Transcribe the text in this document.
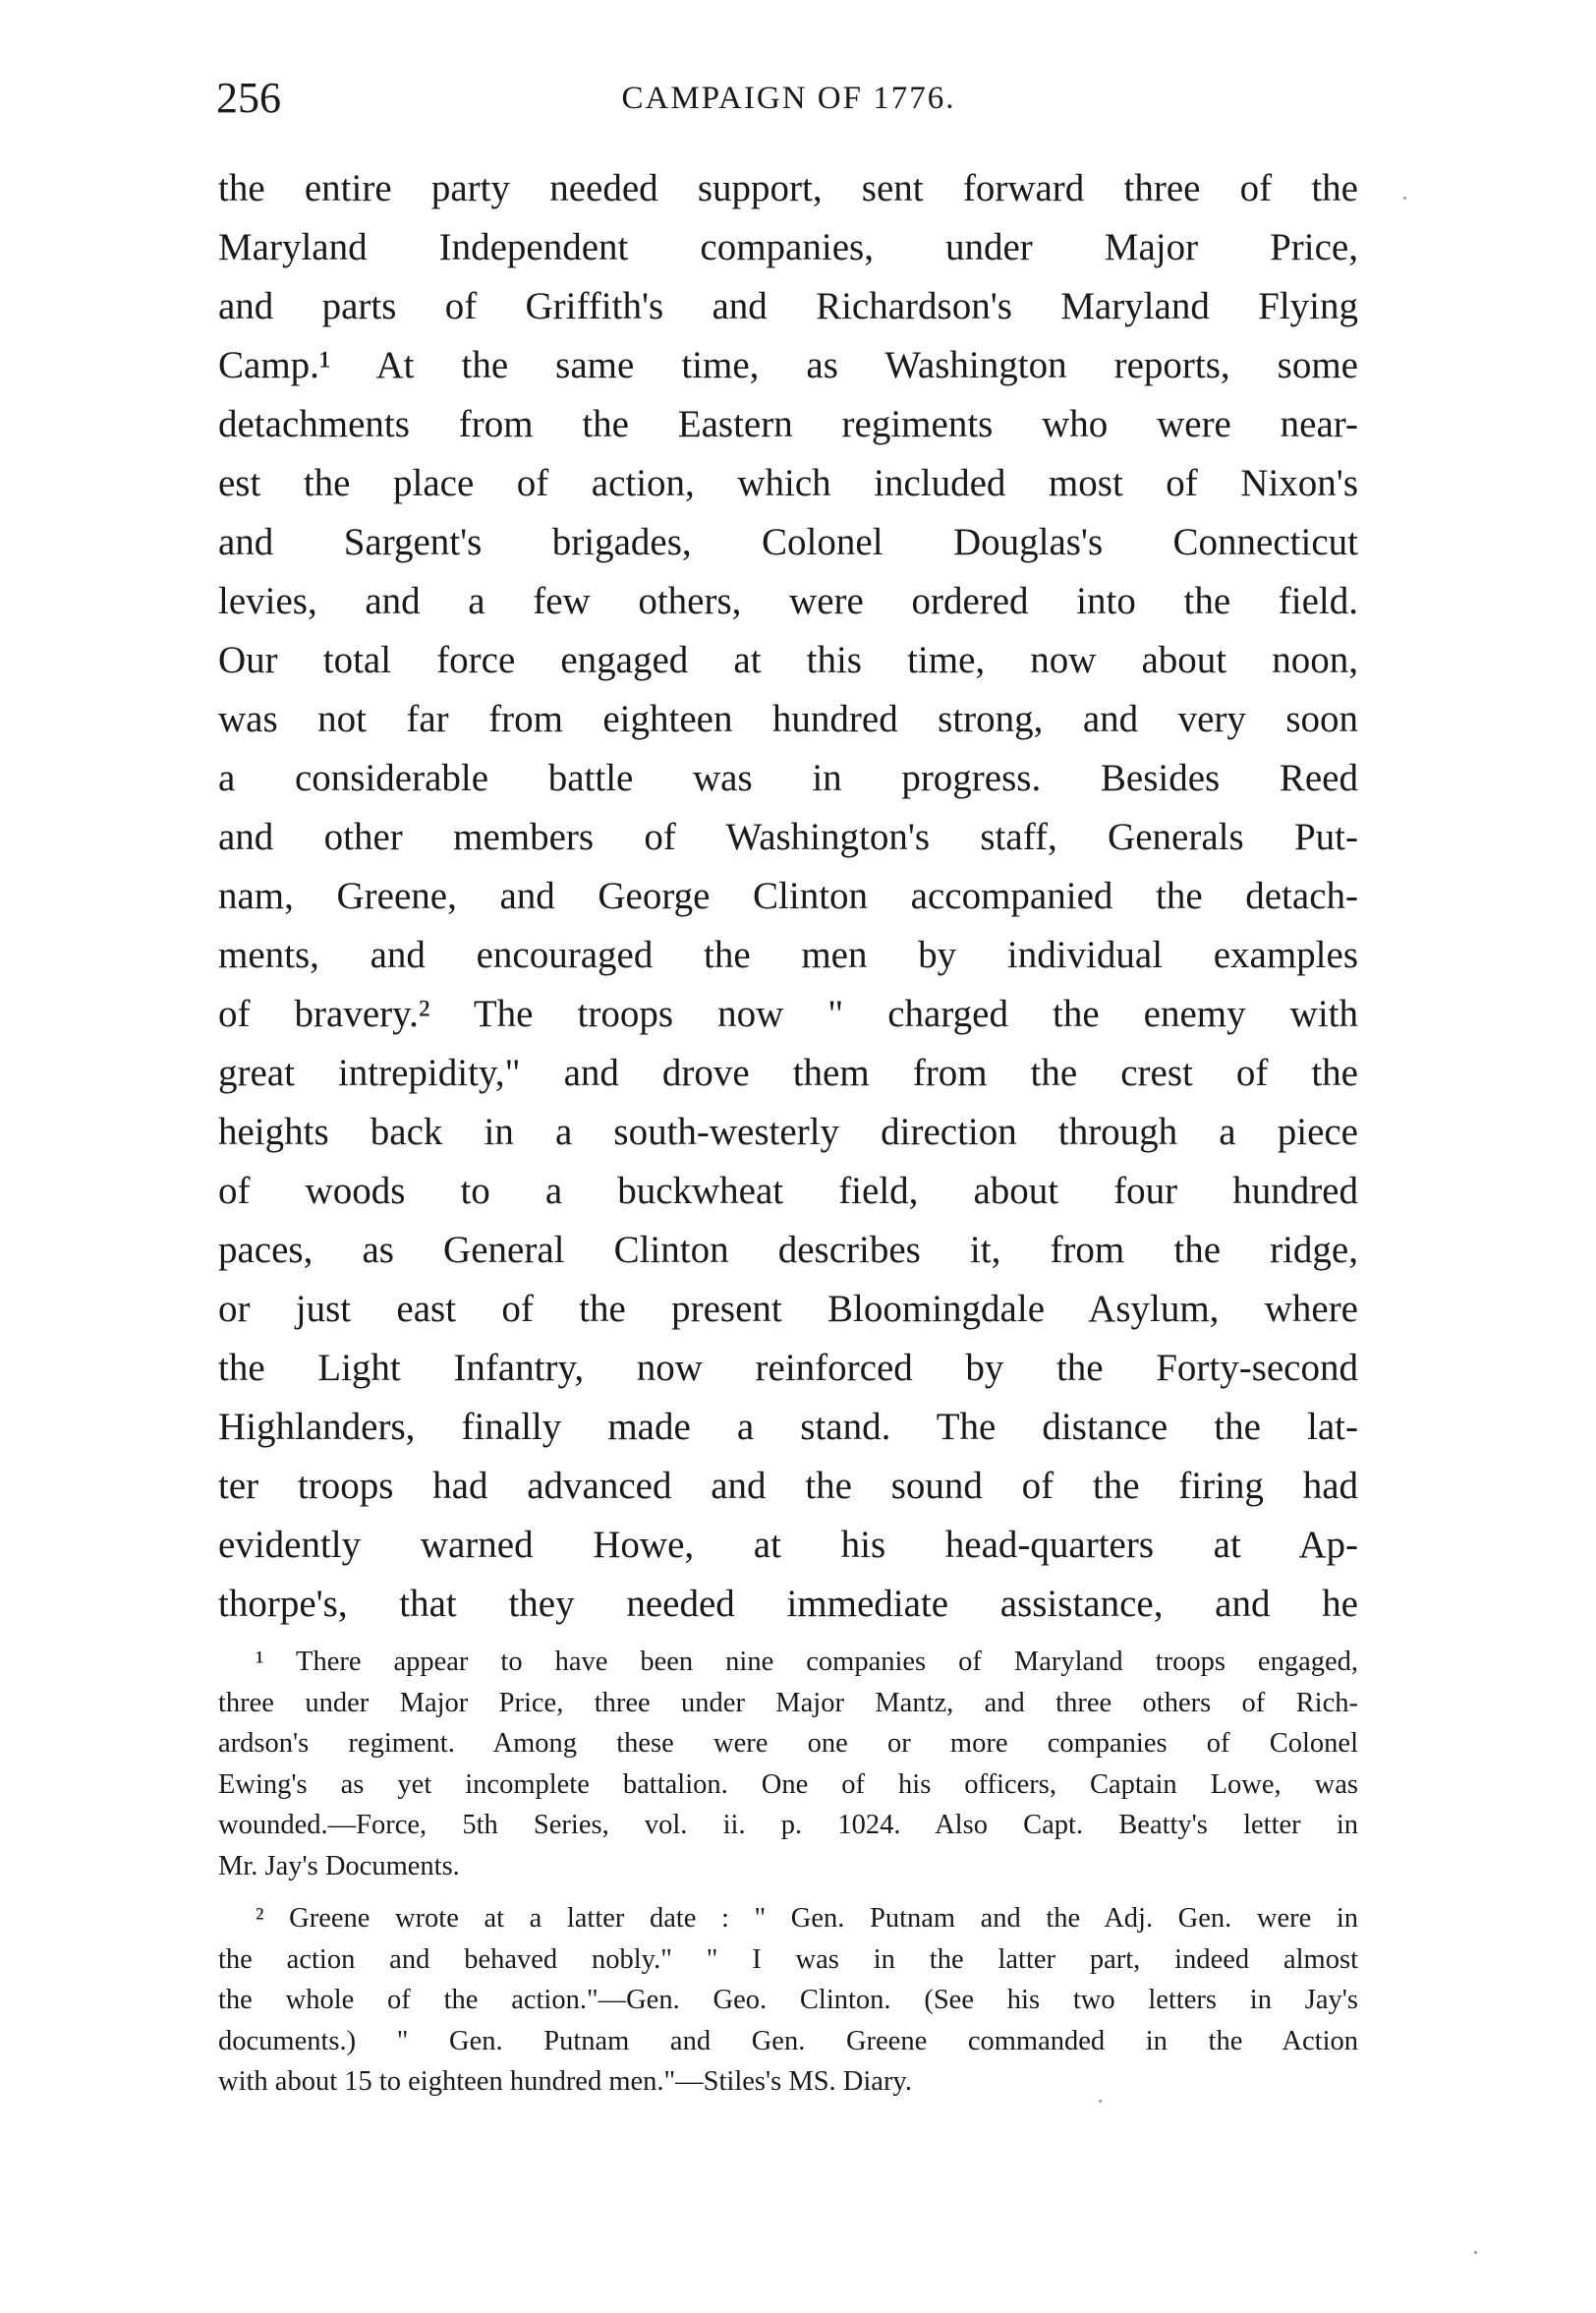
256	CAMPAIGN OF 1776.
the entire party needed support, sent forward three of the
Maryland Independent companies, under Major Price,
and parts of Griffith's and Richardson's Maryland Flying
Camp.¹ At the same time, as Washington reports, some
detachments from the Eastern regiments who were near-
est the place of action, which included most of Nixon's
and Sargent's brigades, Colonel Douglas's Connecticut
levies, and a few others, were ordered into the field.
Our total force engaged at this time, now about noon,
was not far from eighteen hundred strong, and very soon
a considerable battle was in progress. Besides Reed
and other members of Washington's staff, Generals Put-
nam, Greene, and George Clinton accompanied the detach-
ments, and encouraged the men by individual examples
of bravery.² The troops now " charged the enemy with
great intrepidity," and drove them from the crest of the
heights back in a south-westerly direction through a piece
of woods to a buckwheat field, about four hundred
paces, as General Clinton describes it, from the ridge,
or just east of the present Bloomingdale Asylum, where
the Light Infantry, now reinforced by the Forty-second
Highlanders, finally made a stand. The distance the lat-
ter troops had advanced and the sound of the firing had
evidently warned Howe, at his head-quarters at Ap-
thorpe's, that they needed immediate assistance, and he
¹ There appear to have been nine companies of Maryland troops engaged,
three under Major Price, three under Major Mantz, and three others of Rich-
ardson's regiment. Among these were one or more companies of Colonel
Ewing's as yet incomplete battalion. One of his officers, Captain Lowe, was
wounded.—Force, 5th Series, vol. ii. p. 1024. Also Capt. Beatty's letter in
Mr. Jay's Documents.
² Greene wrote at a latter date : " Gen. Putnam and the Adj. Gen. were in
the action and behaved nobly." " I was in the latter part, indeed almost
the whole of the action."—Gen. Geo. Clinton. (See his two letters in Jay's
documents.) " Gen. Putnam and Gen. Greene commanded in the Action
with about 15 to eighteen hundred men."—Stiles's MS. Diary.
